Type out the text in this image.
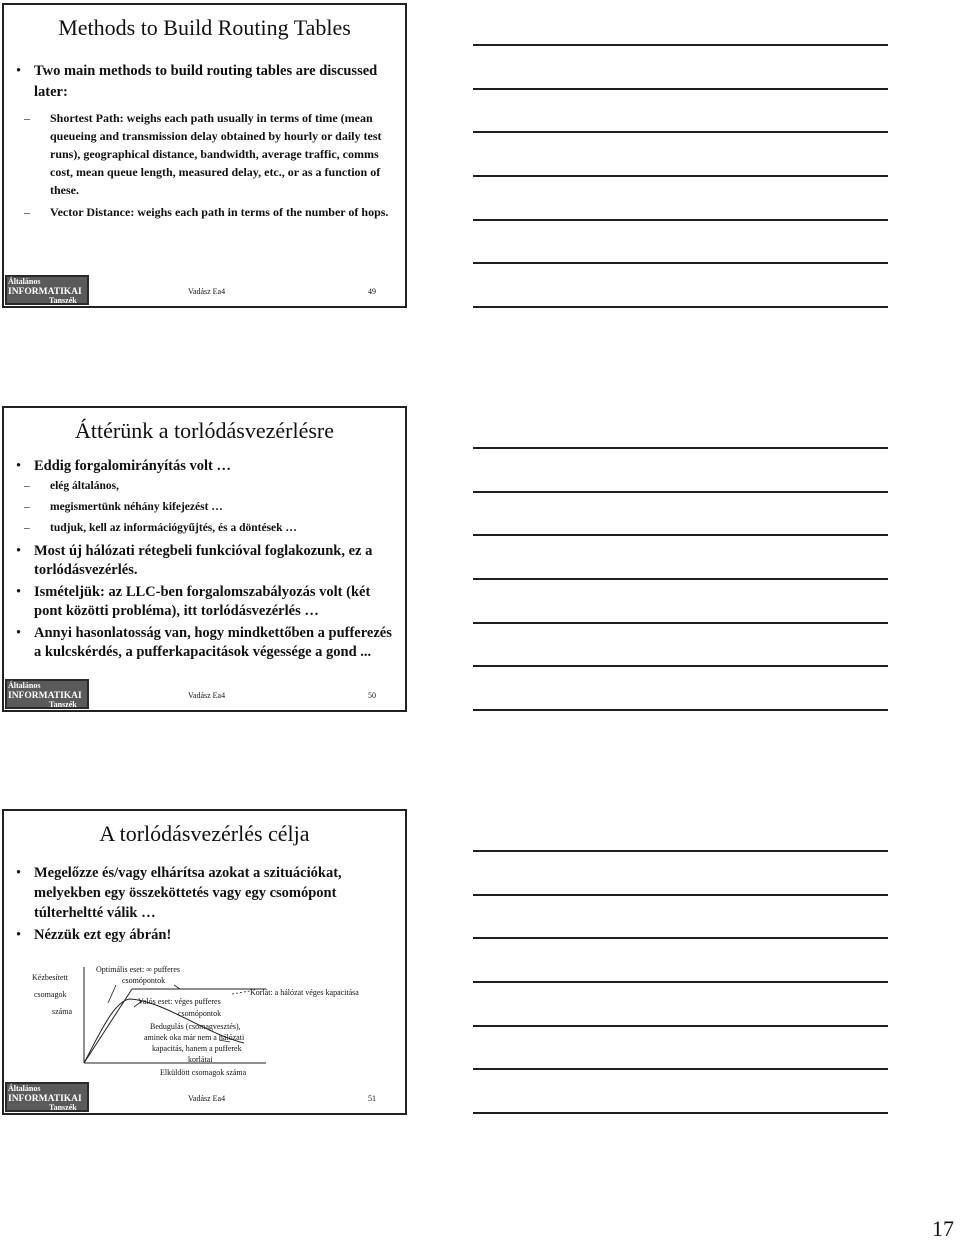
Methods to Build Routing Tables
• Two main methods to build routing tables are discussed later:
– Shortest Path: weighs each path usually in terms of time (mean queueing and transmission delay obtained by hourly or daily test runs), geographical distance, bandwidth, average traffic, comms cost, mean queue length, measured delay, etc., or as a function of these.
– Vector Distance: weighs each path in terms of the number of hops.
Általános
INFORMATIKAI
Tanszék
Vadász Ea4	49
Áttérünk a torlódásvezérlésre
• Eddig forgalomirányítás volt …
– elég általános,
– megismertünk néhány kifejezést …
– tudjuk, kell az információgyűjtés, és a döntések …
• Most új hálózati rétegbeli funkcióval foglakozunk, ez a torlódásvezérlés.
• Ismételjük: az LLC-ben forgalomszabályozás volt (két pont közötti probléma), itt torlódásvezérlés …
• Annyi hasonlatosság van, hogy mindkettőben a pufferezés a kulcskérdés, a pufferkapacitások végessége a gond ...
Általános
INFORMATIKAI
Tanszék
Vadász Ea4	50
A torlódásvezérlés célja
• Megelőzze és/vagy elhárítsa azokat a szituációkat, melyekben egy összeköttetés vagy egy csomópont túlterheltté válik …
• Nézzük ezt egy ábrán!
Kézbesített
csomagok
száma
Optimális eset: ∞ pufferes
csomópontok
Korlát: a hálózat véges kapacitása
Valós eset: véges pufferes
csomópontok
Bedugulás (csomagvesztés),
aminek oka már nem a hálózati
kapacitás, hanem a pufferek
korlátai
Elküldött csomagok száma
Általános
INFORMATIKAI
Tanszék
Vadász Ea4	51
17
